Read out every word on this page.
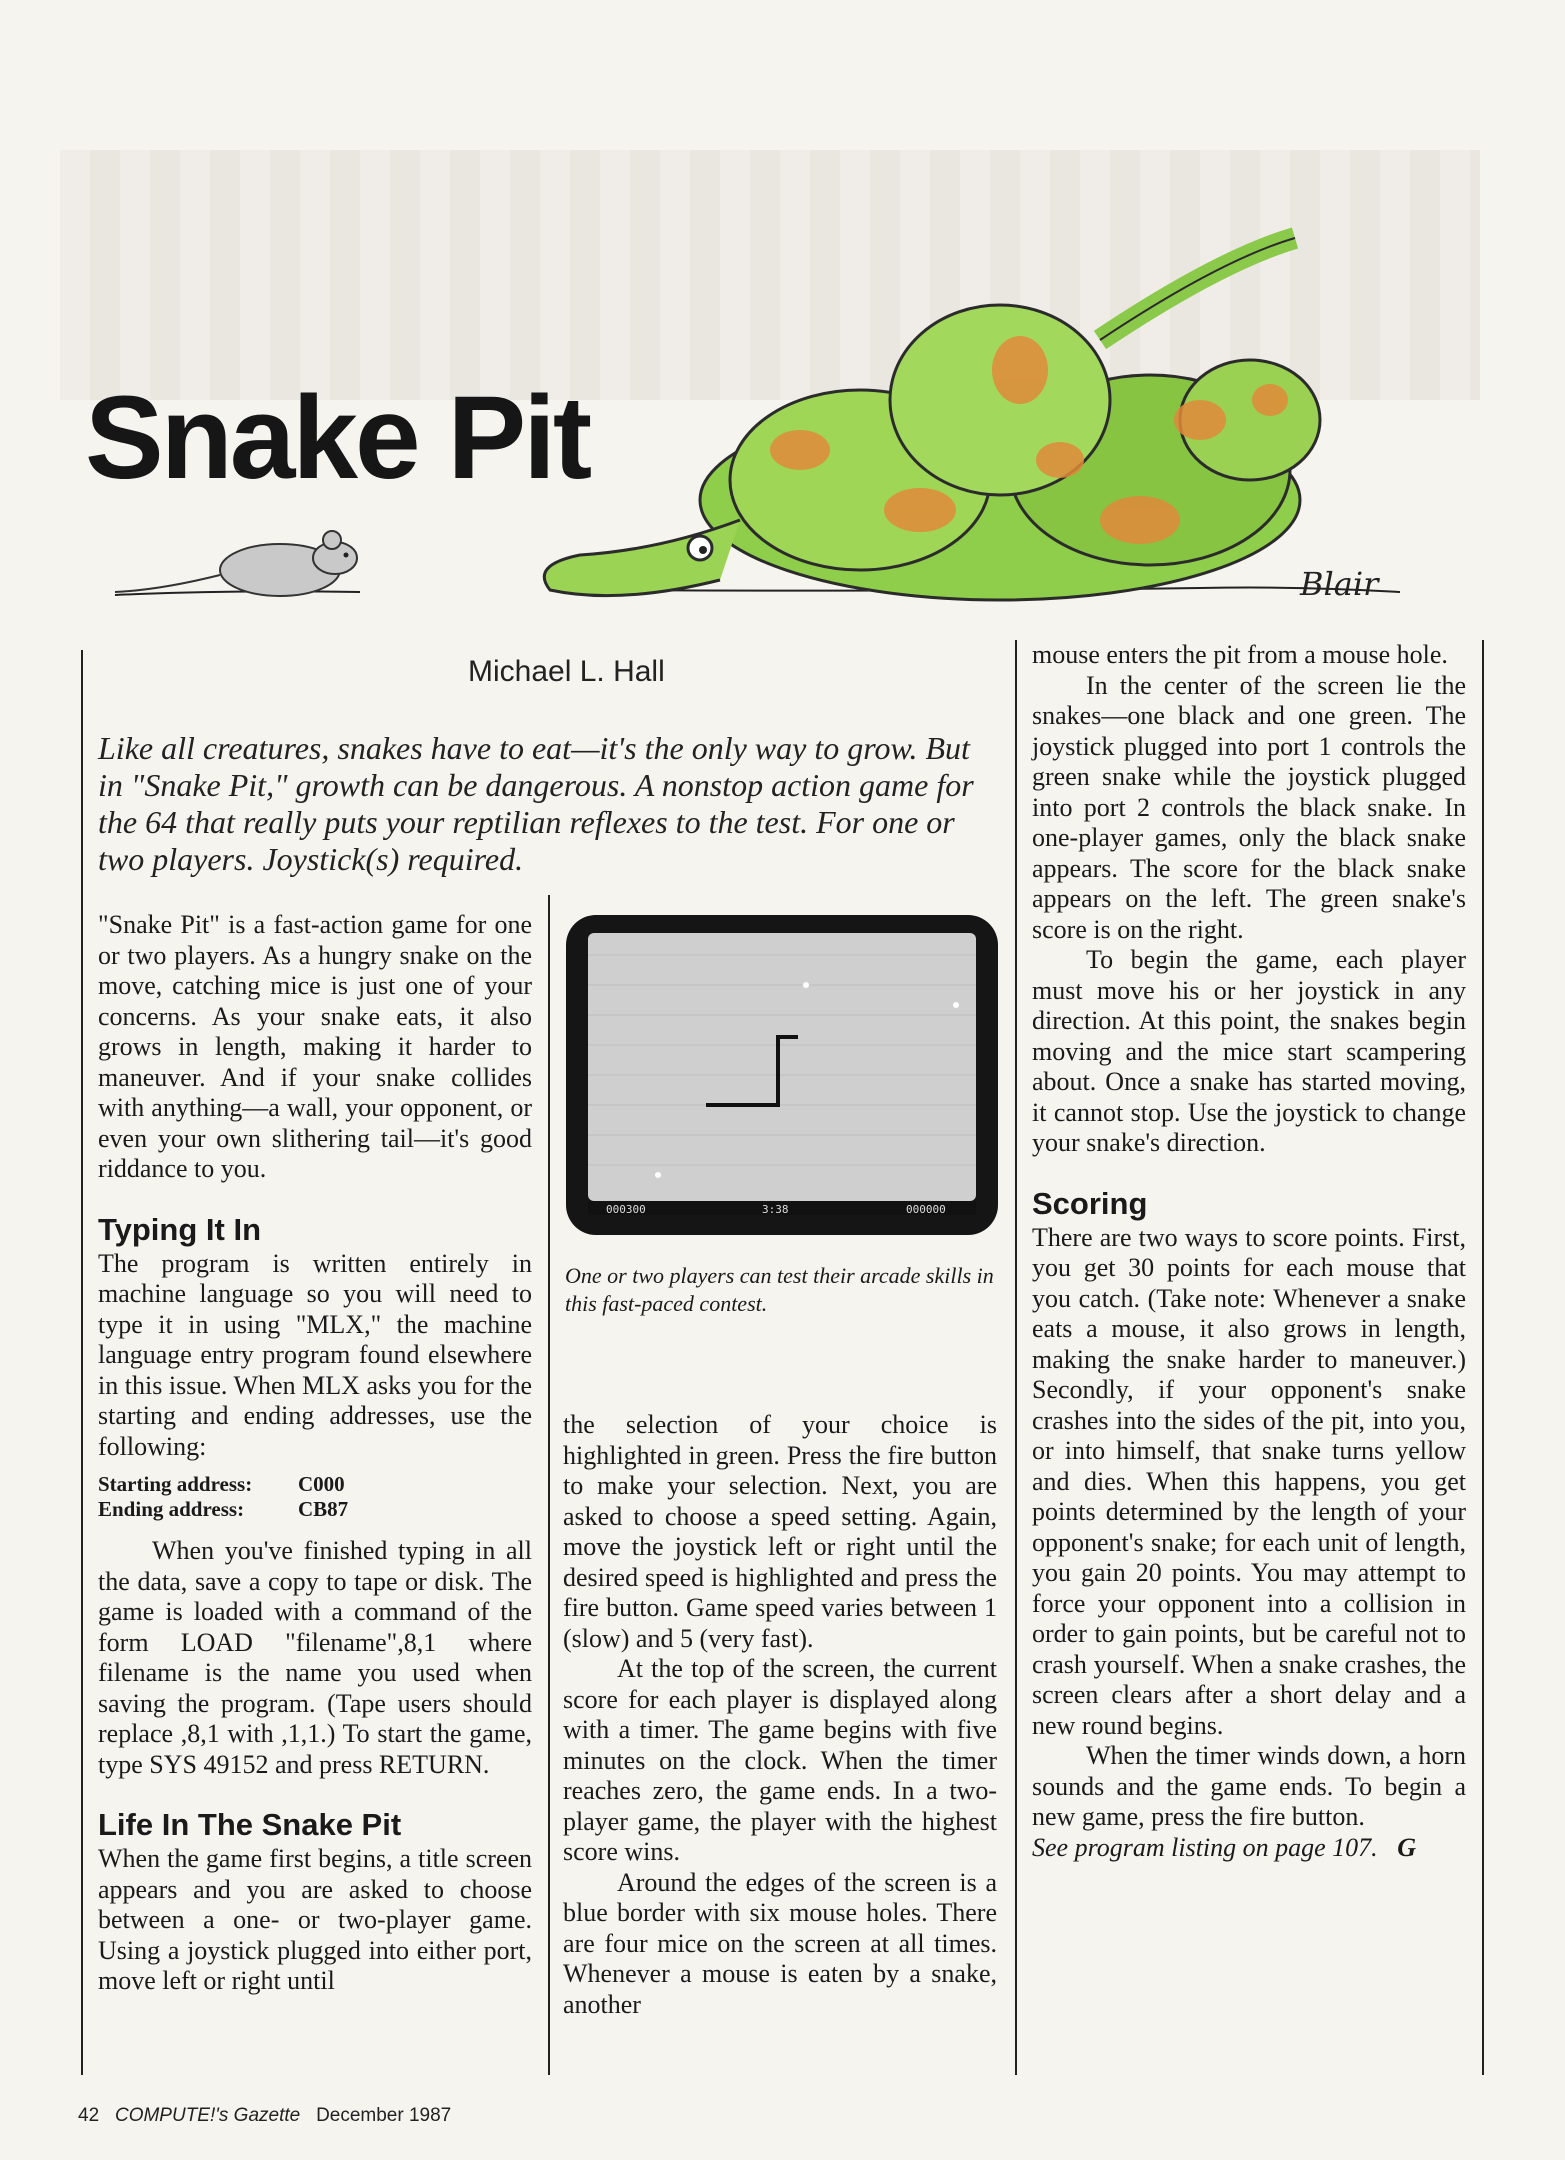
Blair
Snake Pit
Michael L. Hall
Like all creatures, snakes have to eat—it's the only way to grow. But in "Snake Pit," growth can be dangerous. A nonstop action game for the 64 that really puts your reptilian reflexes to the test. For one or two players. Joystick(s) required.

"Snake Pit" is a fast-action game for one or two players. As a hungry snake on the move, catching mice is just one of your concerns. As your snake eats, it also grows in length, making it harder to maneuver. And if your snake collides with anything—a wall, your opponent, or even your own slithering tail—it's good riddance to you.

Typing It In

The program is written entirely in machine language so you will need to type it in using "MLX," the machine language entry program found elsewhere in this issue. When MLX asks you for the starting and ending addresses, use the following:

Starting address: C000
Ending address:	CB87

When you've finished typing in all the data, save a copy to tape or disk. The game is loaded with a command of the form LOAD "filename",8,1 where filename is the name you used when saving the program. (Tape users should replace ,8,1 with ,1,1.) To start the game, type SYS 49152 and press RETURN.

Life In The Snake Pit

When the game first begins, a title screen appears and you are asked to choose between a one- or two-player game. Using a joystick plugged into either port, move left or right until

000300	3:38	000000
One or two players can test their arcade skills in this fast-paced contest.

the selection of your choice is highlighted in green. Press the fire button to make your selection. Next, you are asked to choose a speed setting. Again, move the joystick left or right until the desired speed is highlighted and press the fire button. Game speed varies between 1 (slow) and 5 (very fast).

At the top of the screen, the current score for each player is displayed along with a timer. The game begins with five minutes on the clock. When the timer reaches zero, the game ends. In a two-player game, the player with the highest score wins.

Around the edges of the screen is a blue border with six mouse holes. There are four mice on the screen at all times. Whenever a mouse is eaten by a snake, another

mouse enters the pit from a mouse hole.

In the center of the screen lie the snakes—one black and one green. The joystick plugged into port 1 controls the green snake while the joystick plugged into port 2 controls the black snake. In one-player games, only the black snake appears. The score for the black snake appears on the left. The green snake's score is on the right.

To begin the game, each player must move his or her joystick in any direction. At this point, the snakes begin moving and the mice start scampering about. Once a snake has started moving, it cannot stop. Use the joystick to change your snake's direction.

Scoring

There are two ways to score points. First, you get 30 points for each mouse that you catch. (Take note: Whenever a snake eats a mouse, it also grows in length, making the snake harder to maneuver.) Secondly, if your opponent's snake crashes into the sides of the pit, into you, or into himself, that snake turns yellow and dies. When this happens, you get points determined by the length of your opponent's snake; for each unit of length, you gain 20 points. You may attempt to force your opponent into a collision in order to gain points, but be careful not to crash yourself. When a snake crashes, the screen clears after a short delay and a new round begins.

When the timer winds down, a horn sounds and the game ends. To begin a new game, press the fire button.

See program listing on page 107. G

42 COMPUTE!'s Gazette December 1987
